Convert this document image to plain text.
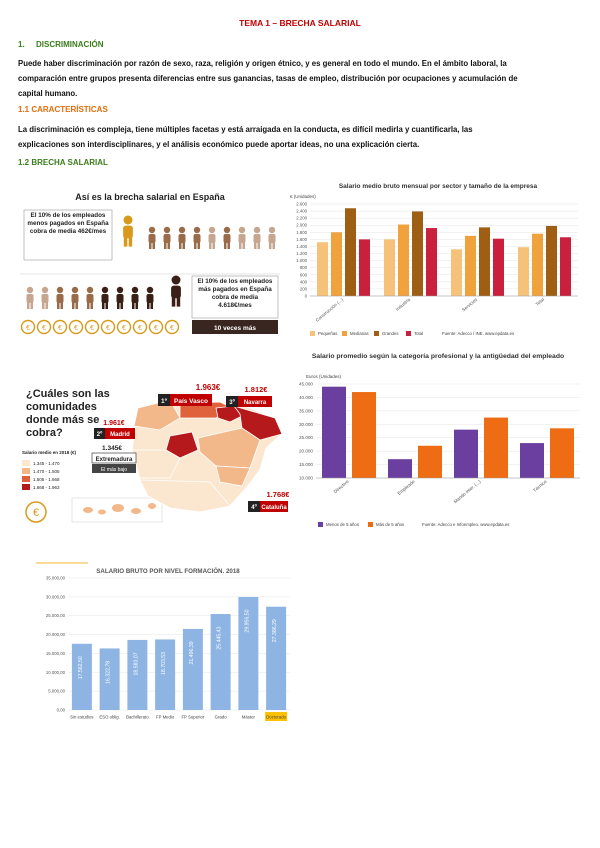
TEMA 1 – BRECHA SALARIAL
1. DISCRIMINACIÓN
Puede haber discriminación por razón de sexo, raza, religión y origen étnico, y es general en todo el mundo. En el ámbito laboral, la
comparación entre grupos presenta diferencias entre sus ganancias, tasas de empleo, distribución por ocupaciones y acumulación de
capital humano.
1.1 CARACTERÍSTICAS
La discriminación es compleja, tiene múltiples facetas y está arraigada en la conducta, es difícil medirla y cuantificarla, las
explicaciones son interdisciplinares, y el análisis económico puede aportar ideas, no una explicación cierta.
1.2 BRECHA SALARIAL
Así es la brecha salarial en España
El 10% de los empleados menos pagados en España cobra de media 462€/mes
El 10% de los empleados más pagados en España cobra de media 4.618€/mes
10 veces más
€ € € € € € € € € €
Salario medio bruto mensual por sector y tamaño de la empresa
€ (Unidades)
2.600
2.400
2.200
2.000
1.800
1.600
1.400
1.200
1.000
800
600
400
200
0
Construcción (...)	Industria	Servicios	Total
Pequeñas	Medianas	Grandes	Total	Fuente: Adecco / INE. www.epdata.es
¿Cuáles son las comunidades donde más se cobra?
Salario medio en 2018 (€)
1.345 - 1.470
1.470 - 1.505
1.505 - 1.668
1.668 - 1.963
€
1.963€
1º País Vasco
1.812€
3º Navarra
1.961€
2º Madrid
1.345€
Extremadura
El más bajo
1.768€
4º Cataluña
Salario promedio según la categoría profesional y la antigüedad del empleado
Euros (Unidades)
45.000
40.000
35.000
30.000
25.000
20.000
15.000
10.000
Directivo	Empleado	Mando inter. (...)	Técnico
Menos de 5 años	Más de 5 años	Fuente: Adecco e Infoempleo. www.epdata.es
SALARIO BRUTO POR NIVEL FORMACIÓN. 2018
35.000,00
30.000,00
25.000,00
20.000,00
15.000,00
10.000,00
5.000,00
0,00
17.562,50
Sin estudios
16.322,78
ESO oblig.
18.583,07
Bachillerato
18.703,53
FP Medio
21.496,39
FP Superior
25.445,43
Grado
29.956,50
Máster
27.386,29
Doctorado
